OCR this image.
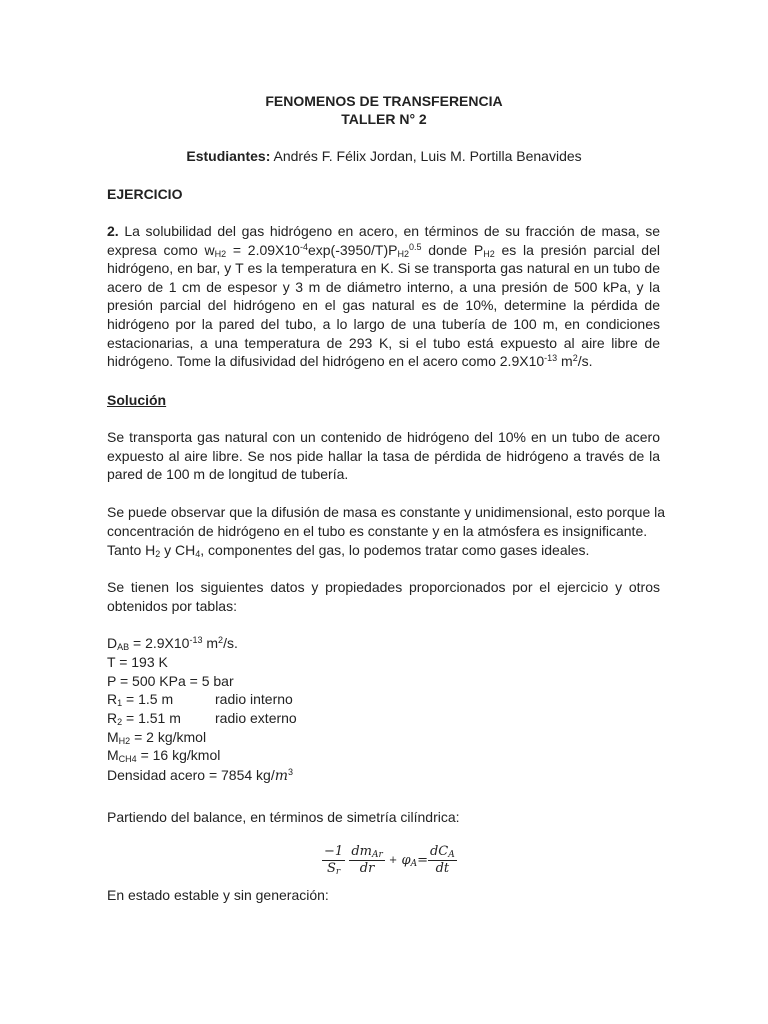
FENOMENOS DE TRANSFERENCIA
TALLER N° 2
Estudiantes: Andrés F. Félix Jordan, Luis M. Portilla Benavides
EJERCICIO

2. La solubilidad del gas hidrógeno en acero, en términos de su fracción de masa, se expresa como $w_{H2} = 2.09X10^{-4}\exp(-3950/T)P_{H2}^{0.5}$ donde $P_{H2}$ es la presión parcial del hidrógeno, en bar, y T es la temperatura en K. Si se transporta gas natural en un tubo de acero de 1 cm de espesor y 3 m de diámetro interno, a una presión de 500 kPa, y la presión parcial del hidrógeno en el gas natural es de 10%, determine la pérdida de hidrógeno por la pared del tubo, a lo largo de una tubería de 100 m, en condiciones estacionarias, a una temperatura de 293 K, si el tubo está expuesto al aire libre de hidrógeno. Tome la difusividad del hidrógeno en el acero como $2.9X10^{-13}$ $m^2/s$.

Solución

Se transporta gas natural con un contenido de hidrógeno del 10% en un tubo de acero expuesto al aire libre. Se nos pide hallar la tasa de pérdida de hidrógeno a través de la pared de 100 m de longitud de tubería.

Se puede observar que la difusión de masa es constante y unidimensional, esto porque la
concentración de hidrógeno en el tubo es constante y en la atmósfera es insignificante.
Tanto $H_2$ y $CH_4$, componentes del gas, lo podemos tratar como gases ideales.

Se tienen los siguientes datos y propiedades proporcionados por el ejercicio y otros obtenidos por tablas:

$D_{AB} = 2.9X10^{-13}$ $m^2/s$.
T = 193 K
P = 500 KPa = 5 bar
$R_1 = 1.5$ m	radio interno
$R_2 = 1.51$ m radio externo
$M_{H2} = 2$ kg/kmol
$M_{CH4} = 16$ kg/kmol
Densidad acero = 7854 $kg/m^3$
Partiendo del balance, en términos de simetría cilíndrica:
$\frac{-1}{S_r}$
$\frac{dm_{Ar}}{dr} + \varphi_A= \frac{dC_A}{dt}$
En estado estable y sin generación:
